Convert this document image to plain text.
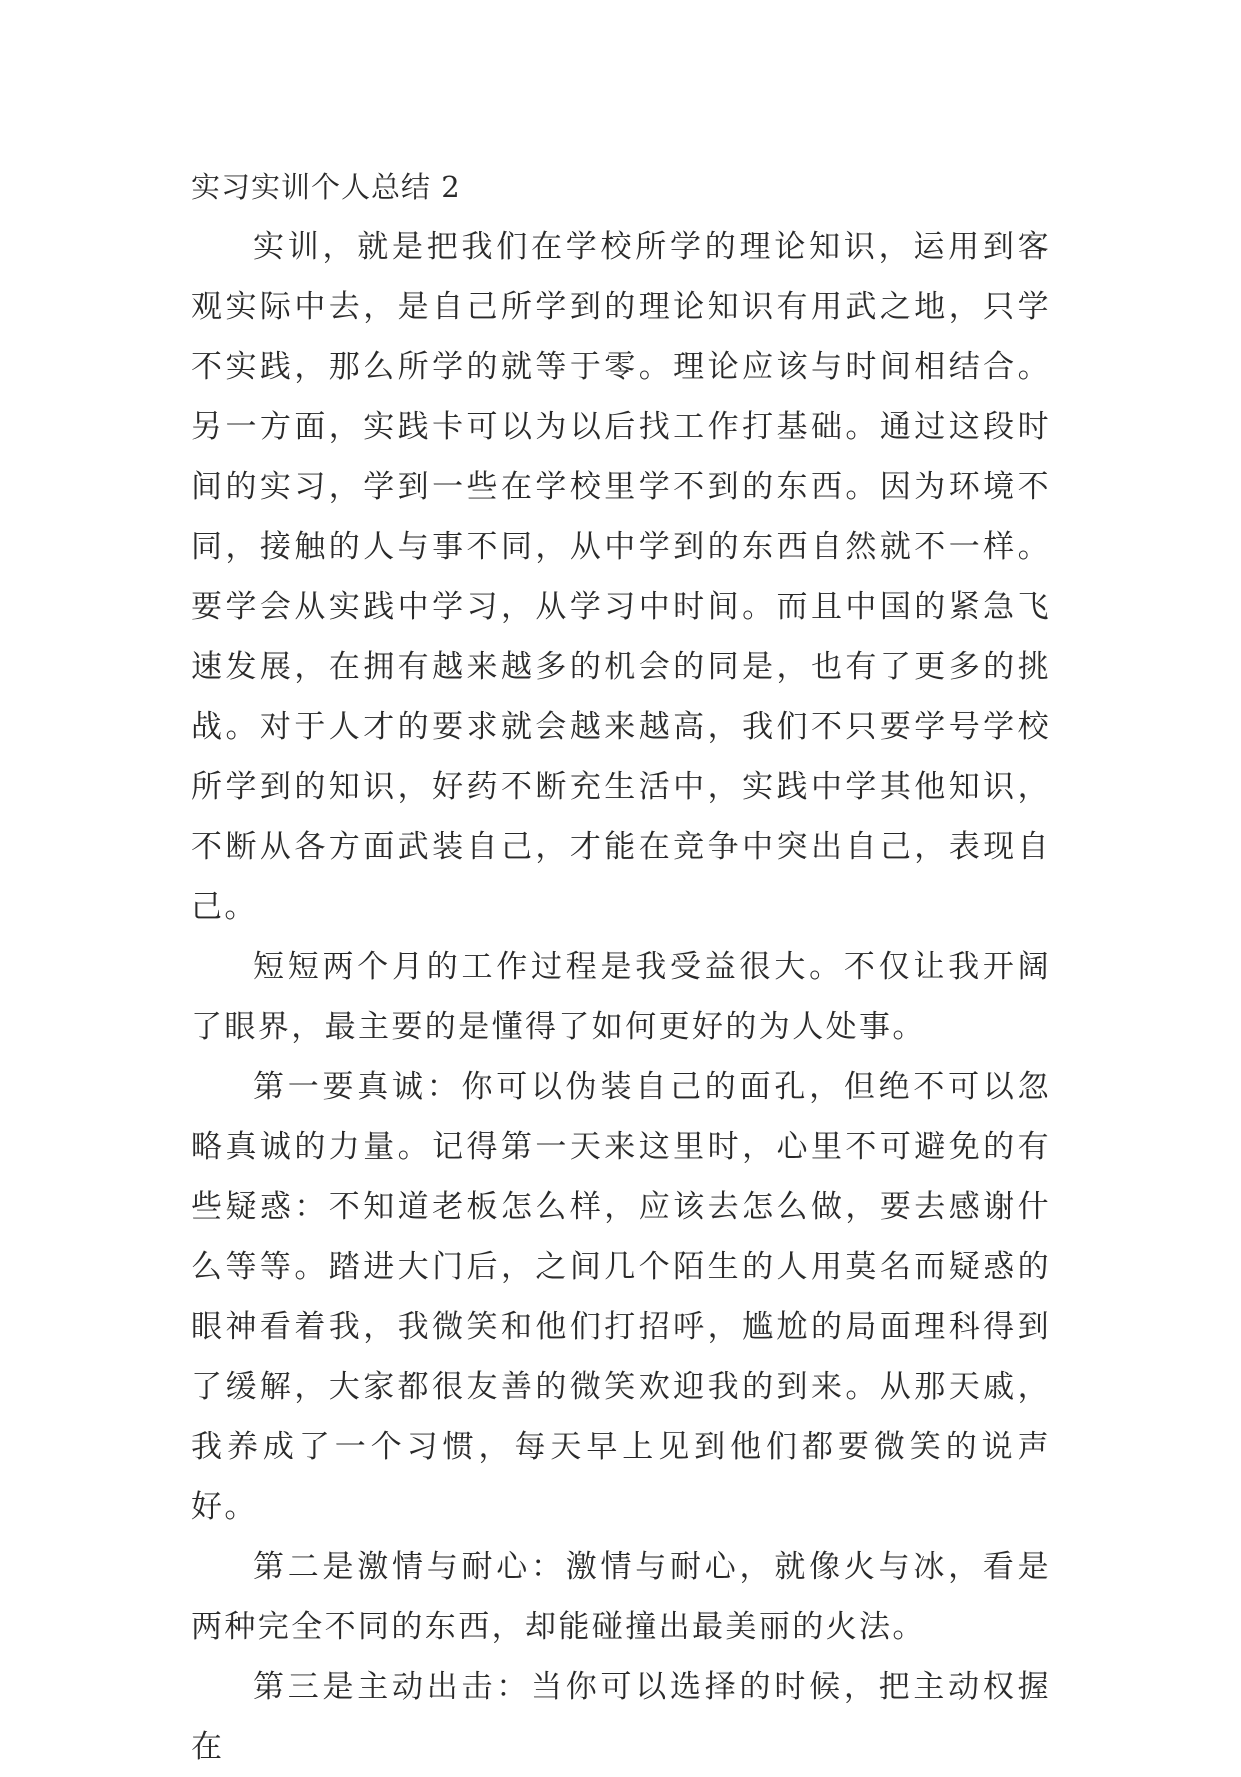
实习实训个人总结 2

实训，就是把我们在学校所学的理论知识，运用到客观实际中去，是自己所学到的理论知识有用武之地，只学不实践，那么所学的就等于零。理论应该与时间相结合。另一方面，实践卡可以为以后找工作打基础。通过这段时间的实习，学到一些在学校里学不到的东西。因为环境不同，接触的人与事不同，从中学到的东西自然就不一样。要学会从实践中学习，从学习中时间。而且中国的紧急飞速发展，在拥有越来越多的机会的同是，也有了更多的挑战。对于人才的要求就会越来越高，我们不只要学号学校所学到的知识，好药不断充生活中，实践中学其他知识，不断从各方面武装自己，才能在竞争中突出自己，表现自己。

短短两个月的工作过程是我受益很大。不仅让我开阔了眼界，最主要的是懂得了如何更好的为人处事。

第一要真诚：你可以伪装自己的面孔，但绝不可以忽略真诚的力量。记得第一天来这里时，心里不可避免的有些疑惑：不知道老板怎么样，应该去怎么做，要去感谢什么等等。踏进大门后，之间几个陌生的人用莫名而疑惑的眼神看着我，我微笑和他们打招呼，尴尬的局面理科得到了缓解，大家都很友善的微笑欢迎我的到来。从那天戚，我养成了一个习惯，每天早上见到他们都要微笑的说声好。

第二是激情与耐心：激情与耐心，就像火与冰，看是两种完全不同的东西，却能碰撞出最美丽的火法。

第三是主动出击：当你可以选择的时候，把主动权握在
